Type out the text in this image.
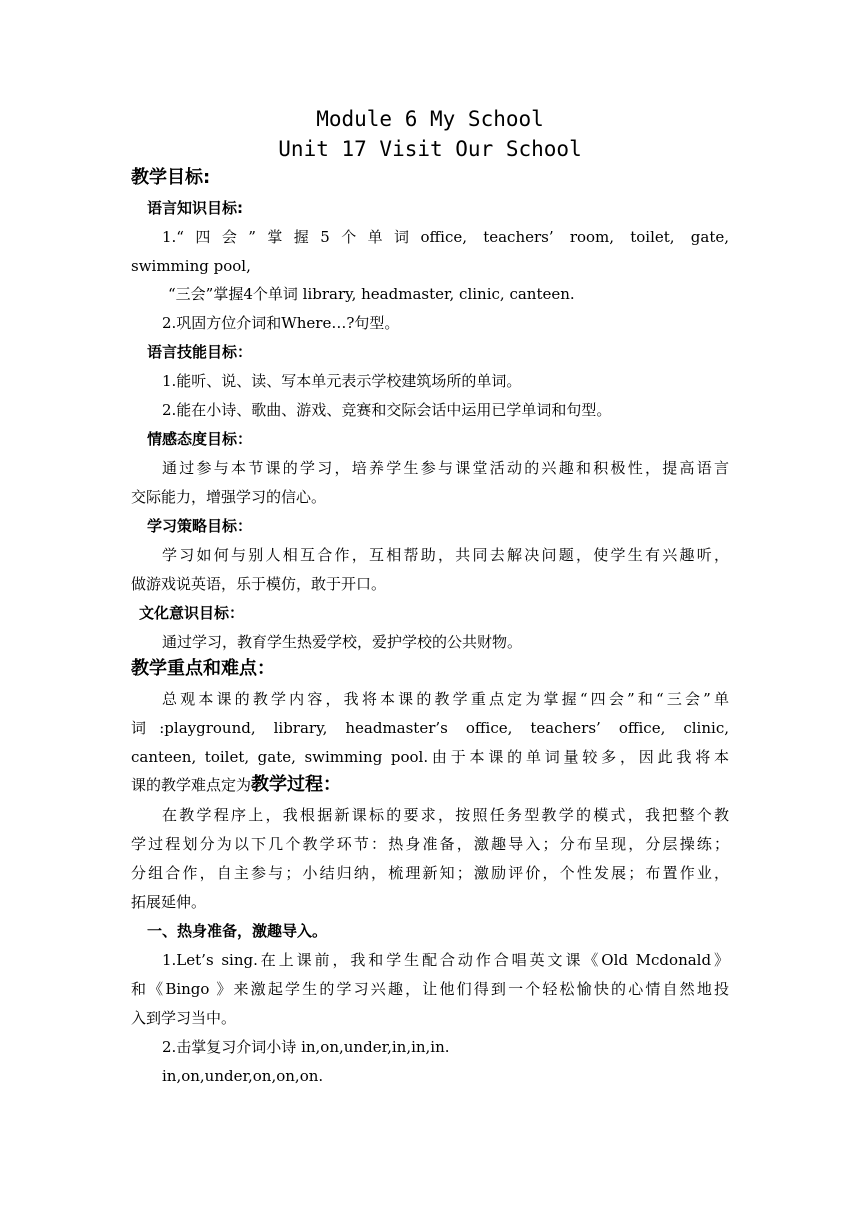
Module 6 My School
Unit 17 Visit Our School
教学目标:
语言知识目标:
1.“四会”掌握5个单词office, teachers’ room, toilet, gate,
swimming pool,
“三会”掌握4个单词 library, headmaster, clinic, canteen.
2.巩固方位介词和Where…?句型。
语言技能目标：
1.能听、说、读、写本单元表示学校建筑场所的单词。
2.能在小诗、歌曲、游戏、竞赛和交际会话中运用已学单词和句型。
情感态度目标：
通过参与本节课的学习，培养学生参与课堂活动的兴趣和积极性，提高语言
交际能力，增强学习的信心。
学习策略目标：
学习如何与别人相互合作，互相帮助，共同去解决问题，使学生有兴趣听，
做游戏说英语，乐于模仿，敢于开口。
文化意识目标：
通过学习，教育学生热爱学校，爱护学校的公共财物。
教学重点和难点：
总观本课的教学内容，我将本课的教学重点定为掌握“四会”和“三会”单
词:playground, library, headmaster’s office, teachers’ office, clinic,
canteen, toilet, gate, swimming pool.由于本课的单词量较多，因此我将本
课的教学难点定为教学过程：
在教学程序上，我根据新课标的要求，按照任务型教学的模式，我把整个教
学过程划分为以下几个教学环节：热身准备，激趣导入；分布呈现，分层操练；
分组合作，自主参与；小结归纳，梳理新知；激励评价，个性发展；布置作业，
拓展延伸。
一、热身准备，激趣导入。
1.Let’s sing.在上课前，我和学生配合动作合唱英文课《Old Mcdonald》
和《Bingo 》来激起学生的学习兴趣，让他们得到一个轻松愉快的心情自然地投
入到学习当中。
2.击掌复习介词小诗 in,on,under,in,in,in.
in,on,under,on,on,on.
